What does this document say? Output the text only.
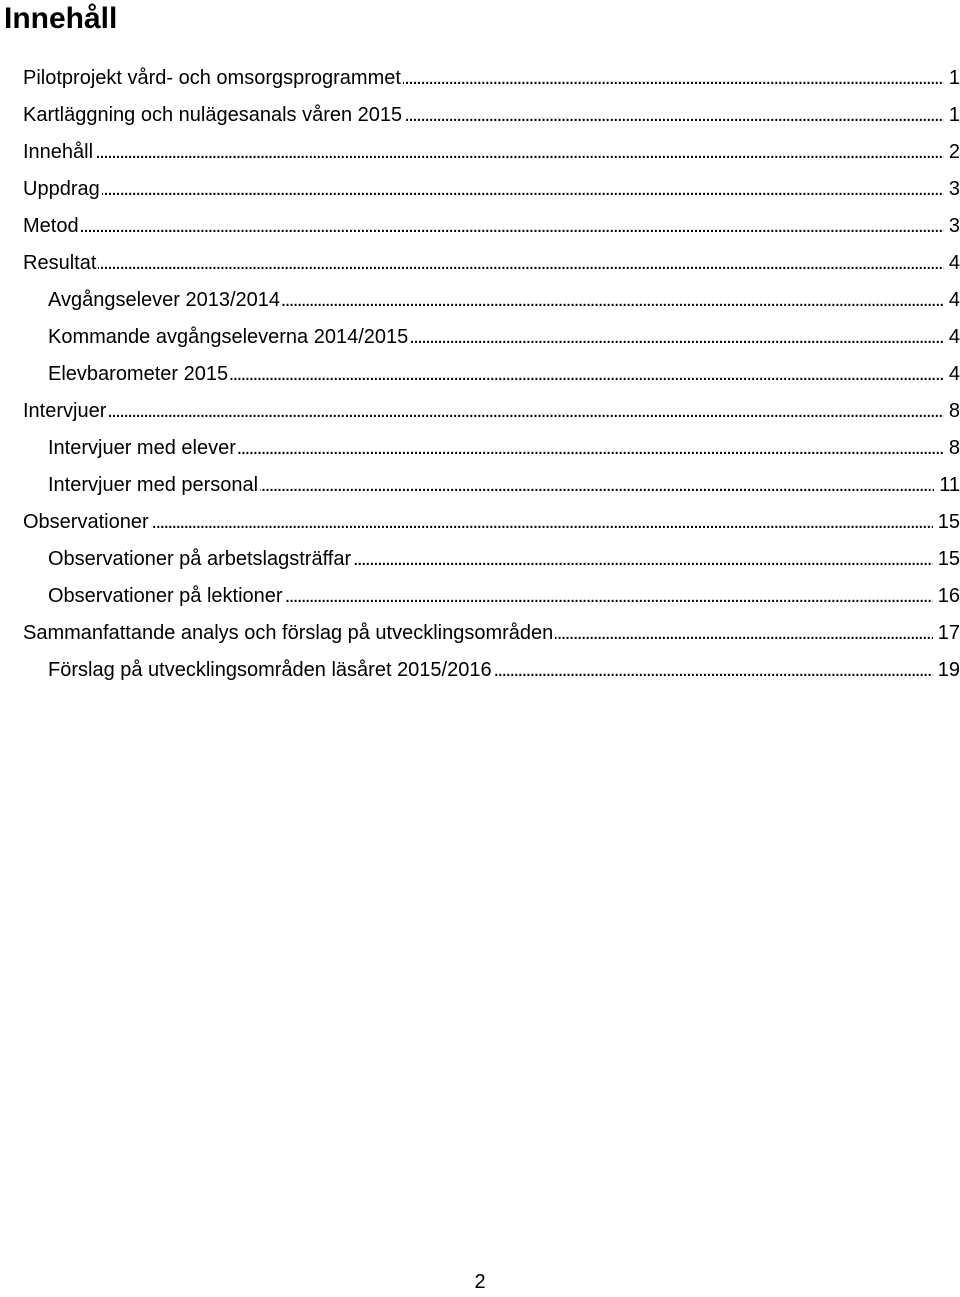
Innehåll
. . .
Pilotprojekt vård- och omsorgsprogrammet	1
. . .
Kartläggning och nulägesanals våren 2015	1
. . .
Innehåll	2
. . .
Uppdrag	3
. . .
Metod	3
. . .
Resultat	4
. . .
Avgångselever 2013/2014	4
. . .
Kommande avgångseleverna 2014/2015	4
. . .
Elevbarometer 2015	4
. . .
Intervjuer	8
. . .
Intervjuer med elever	8
. . .
Intervjuer med personal	11
. . .
Observationer	15
. . .
Observationer på arbetslagsträffar	15
. . .
Observationer på lektioner	16
. . .
Sammanfattande analys och förslag på utvecklingsområden	17
. . .
Förslag på utvecklingsområden läsåret 2015/2016	19
2
